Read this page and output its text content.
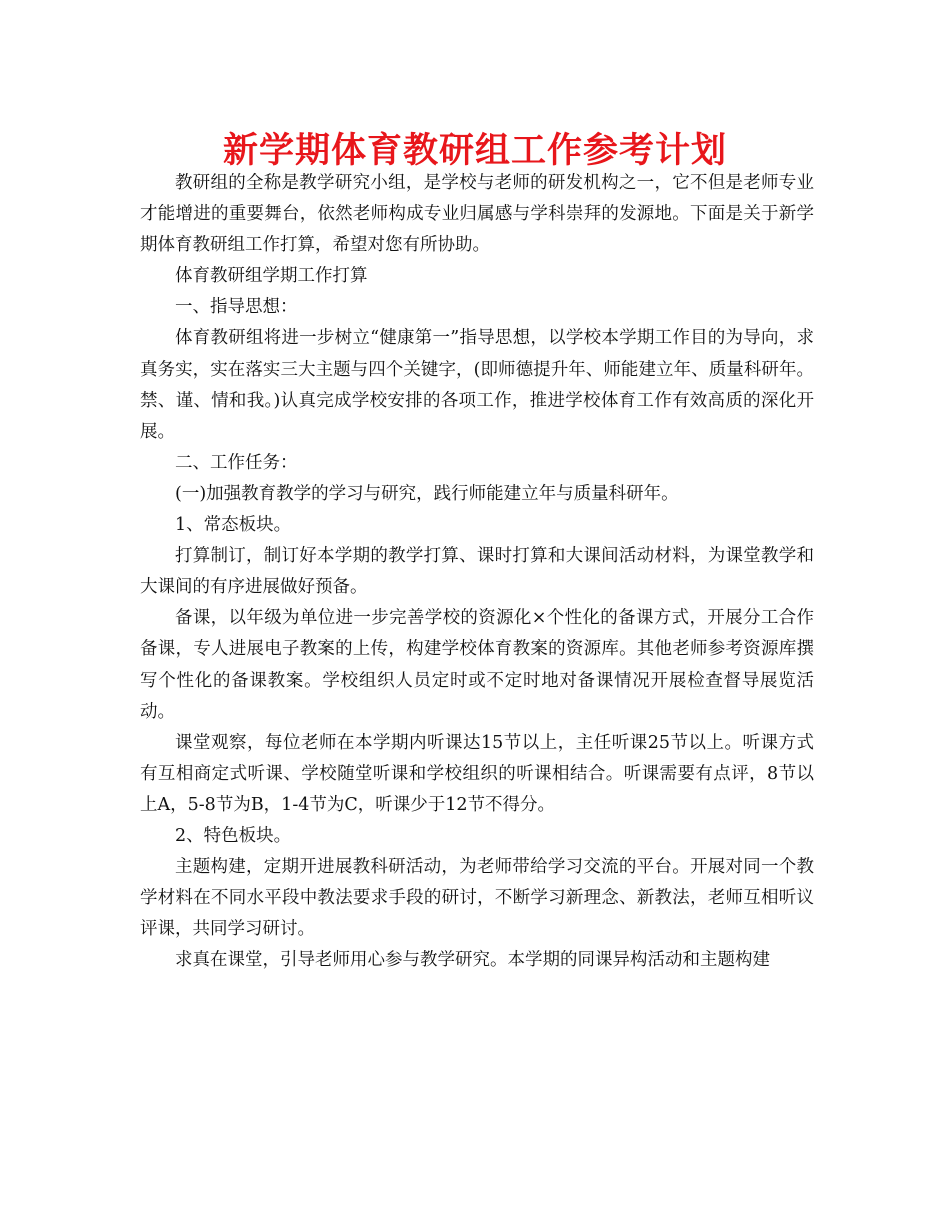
新学期体育教研组工作参考计划

教研组的全称是教学研究小组，是学校与老师的研发机构之一，它不但是老师专业才能增进的重要舞台，依然老师构成专业归属感与学科崇拜的发源地。下面是关于新学期体育教研组工作打算，希望对您有所协助。

体育教研组学期工作打算

一、指导思想：

体育教研组将进一步树立“健康第一”指导思想，以学校本学期工作目的为导向，求真务实，实在落实三大主题与四个关键字，(即师德提升年、师能建立年、质量科研年。禁、谨、情和我。)认真完成学校安排的各项工作，推进学校体育工作有效高质的深化开展。

二、工作任务：

(一)加强教育教学的学习与研究，践行师能建立年与质量科研年。

1、常态板块。

打算制订，制订好本学期的教学打算、课时打算和大课间活动材料，为课堂教学和大课间的有序进展做好预备。

备课，以年级为单位进一步完善学校的资源化×个性化的备课方式，开展分工合作备课，专人进展电子教案的上传，构建学校体育教案的资源库。其他老师参考资源库撰写个性化的备课教案。学校组织人员定时或不定时地对备课情况开展检查督导展览活动。

课堂观察，每位老师在本学期内听课达15节以上，主任听课25节以上。听课方式有互相商定式听课、学校随堂听课和学校组织的听课相结合。听课需要有点评，8节以上A，5-8节为B，1-4节为C，听课少于12节不得分。

2、特色板块。

主题构建，定期开进展教科研活动，为老师带给学习交流的平台。开展对同一个教学材料在不同水平段中教法要求手段的研讨，不断学习新理念、新教法，老师互相听议评课，共同学习研讨。

求真在课堂，引导老师用心参与教学研究。本学期的同课异构活动和主题构建
